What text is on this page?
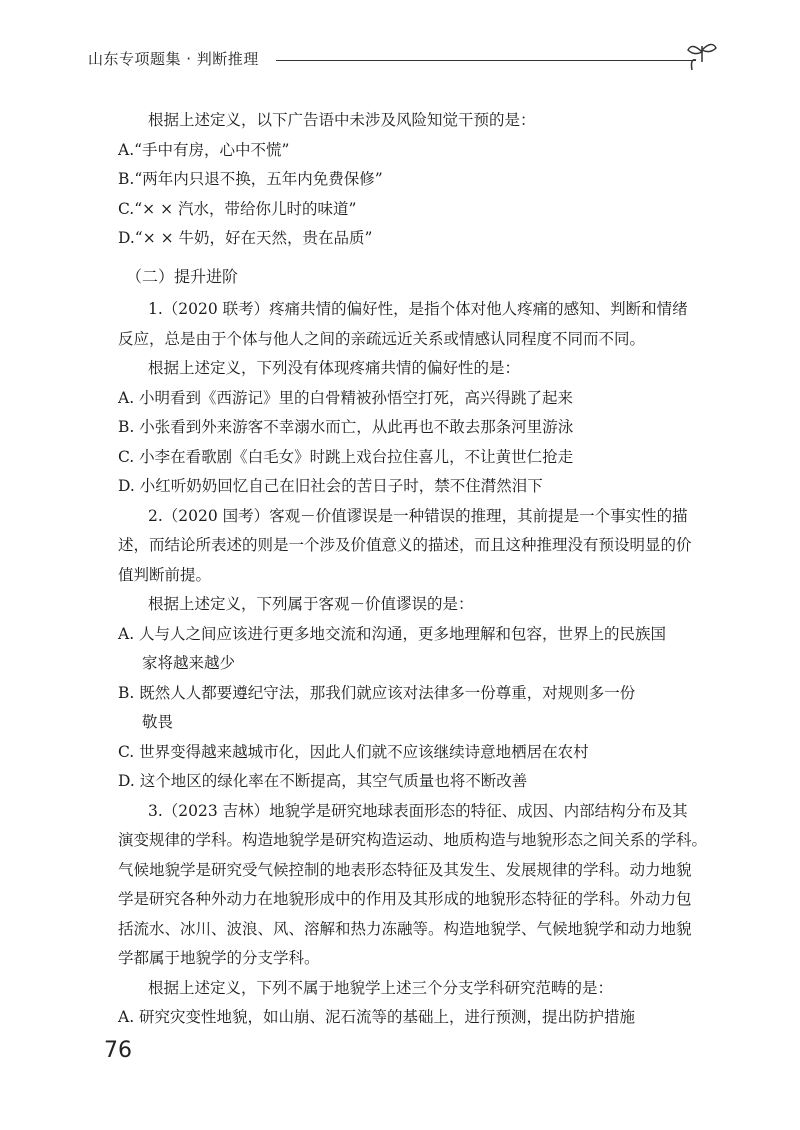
山东专项题集 · 判断推理

根据上述定义，以下广告语中未涉及风险知觉干预的是：

A.“手中有房，心中不慌”

B.“两年内只退不换，五年内免费保修”

C.“× × 汽水，带给你儿时的味道”

D.“× × 牛奶，好在天然，贵在品质”

（二）提升进阶

1.（2020 联考）疼痛共情的偏好性，是指个体对他人疼痛的感知、判断和情绪

反应，总是由于个体与他人之间的亲疏远近关系或情感认同程度不同而不同。

根据上述定义，下列没有体现疼痛共情的偏好性的是：

A. 小明看到《西游记》里的白骨精被孙悟空打死，高兴得跳了起来

B. 小张看到外来游客不幸溺水而亡，从此再也不敢去那条河里游泳

C. 小李在看歌剧《白毛女》时跳上戏台拉住喜儿，不让黄世仁抢走

D. 小红听奶奶回忆自己在旧社会的苦日子时，禁不住潸然泪下

2.（2020 国考）客观－价值谬误是一种错误的推理，其前提是一个事实性的描

述，而结论所表述的则是一个涉及价值意义的描述，而且这种推理没有预设明显的价

值判断前提。

根据上述定义，下列属于客观－价值谬误的是：

A. 人与人之间应该进行更多地交流和沟通，更多地理解和包容，世界上的民族国

家将越来越少

B. 既然人人都要遵纪守法，那我们就应该对法律多一份尊重，对规则多一份

敬畏

C. 世界变得越来越城市化，因此人们就不应该继续诗意地栖居在农村

D. 这个地区的绿化率在不断提高，其空气质量也将不断改善

3.（2023 吉林）地貌学是研究地球表面形态的特征、成因、内部结构分布及其

演变规律的学科。构造地貌学是研究构造运动、地质构造与地貌形态之间关系的学科。

气候地貌学是研究受气候控制的地表形态特征及其发生、发展规律的学科。动力地貌

学是研究各种外动力在地貌形成中的作用及其形成的地貌形态特征的学科。外动力包

括流水、冰川、波浪、风、溶解和热力冻融等。构造地貌学、气候地貌学和动力地貌

学都属于地貌学的分支学科。

根据上述定义，下列不属于地貌学上述三个分支学科研究范畴的是：

A. 研究灾变性地貌，如山崩、泥石流等的基础上，进行预测，提出防护措施

76
